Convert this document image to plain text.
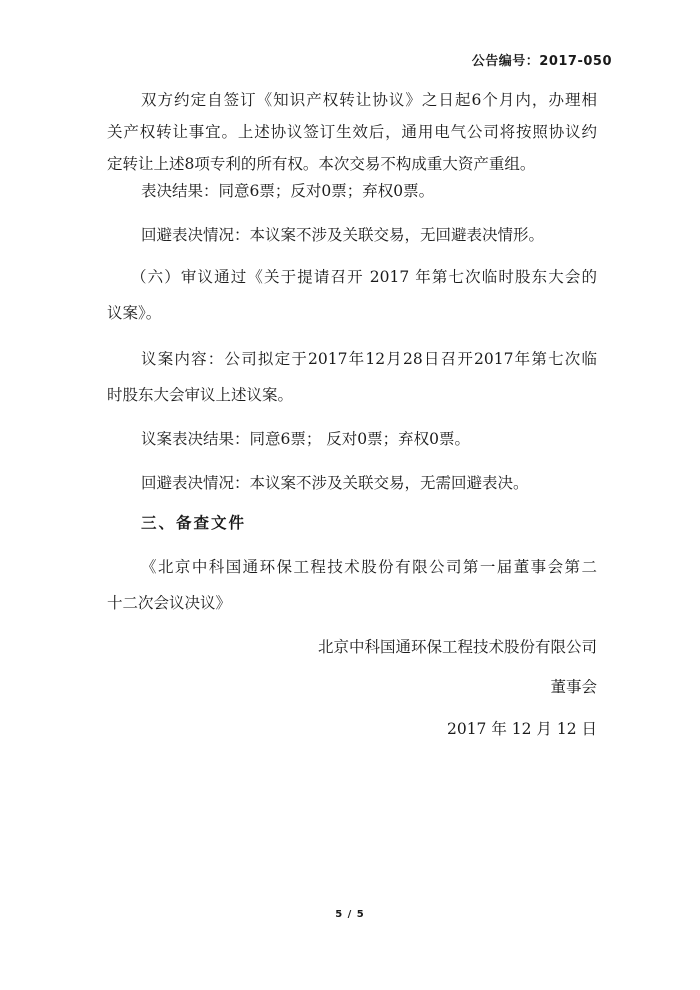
公告编号：2017-050
双方约定自签订《知识产权转让协议》之日起6个月内，办理相
关产权转让事宜。上述协议签订生效后，通用电气公司将按照协议约
定转让上述8项专利的所有权。本次交易不构成重大资产重组。
表决结果：同意6票；反对0票；弃权0票。
回避表决情况：本议案不涉及关联交易，无回避表决情形。
（六）审议通过《关于提请召开 2017 年第七次临时股东大会的
议案》。
议案内容：公司拟定于2017年12月28日召开2017年第七次临
时股东大会审议上述议案。
议案表决结果：同意6票； 反对0票；弃权0票。
回避表决情况：本议案不涉及关联交易，无需回避表决。
三、备查文件
《北京中科国通环保工程技术股份有限公司第一届董事会第二
十二次会议决议》
北京中科国通环保工程技术股份有限公司
董事会
2017 年 12 月 12 日
5 / 5
